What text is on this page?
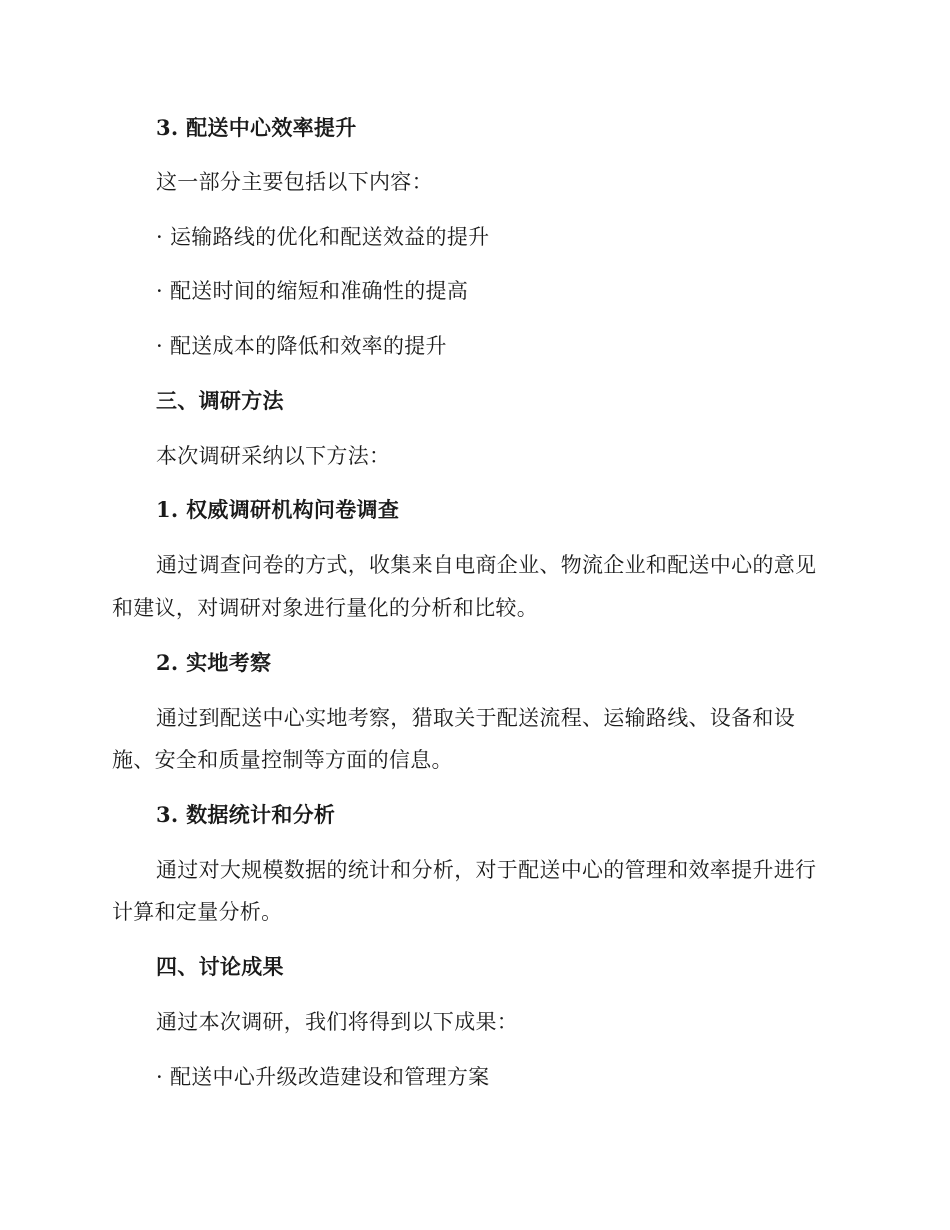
3. 配送中心效率提升
这一部分主要包括以下内容：
· 运输路线的优化和配送效益的提升
· 配送时间的缩短和准确性的提高
· 配送成本的降低和效率的提升
三、调研方法
本次调研采纳以下方法：
1. 权威调研机构问卷调查
通过调查问卷的方式，收集来自电商企业、物流企业和配送中心的意见
和建议，对调研对象进行量化的分析和比较。
2. 实地考察
通过到配送中心实地考察，猎取关于配送流程、运输路线、设备和设
施、安全和质量控制等方面的信息。
3. 数据统计和分析
通过对大规模数据的统计和分析，对于配送中心的管理和效率提升进行
计算和定量分析。
四、讨论成果
通过本次调研，我们将得到以下成果：
· 配送中心升级改造建设和管理方案
